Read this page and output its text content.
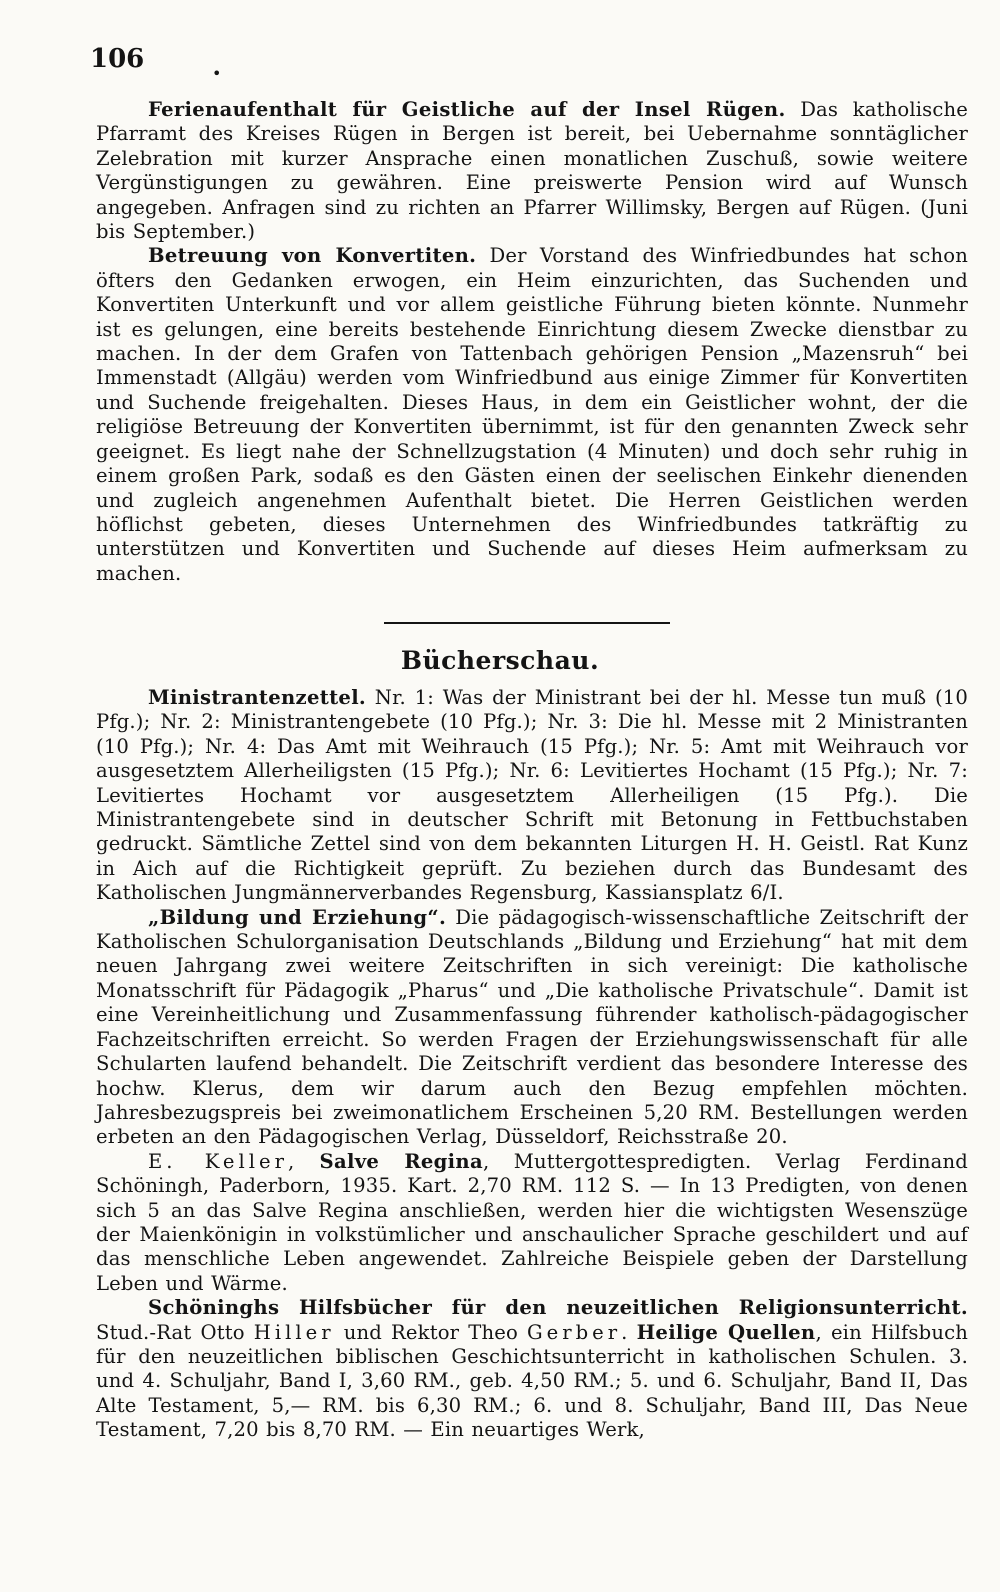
106	•

Ferienaufenthalt für Geistliche auf der Insel Rügen. Das katholische Pfarramt des Kreises Rügen in Bergen ist bereit, bei Uebernahme sonntäglicher Zelebration mit kurzer Ansprache einen monatlichen Zuschuß, sowie weitere Vergünstigungen zu gewähren. Eine preiswerte Pension wird auf Wunsch angegeben. Anfragen sind zu richten an Pfarrer Willimsky, Bergen auf Rügen. (Juni bis September.)

Betreuung von Konvertiten. Der Vorstand des Winfriedbundes hat schon öfters den Gedanken erwogen, ein Heim einzurichten, das Suchenden und Konvertiten Unterkunft und vor allem geistliche Führung bieten könnte. Nunmehr ist es gelungen, eine bereits bestehende Einrichtung diesem Zwecke dienstbar zu machen. In der dem Grafen von Tattenbach gehörigen Pension „Mazensruh“ bei Immenstadt (Allgäu) werden vom Winfriedbund aus einige Zimmer für Konvertiten und Suchende freigehalten. Dieses Haus, in dem ein Geistlicher wohnt, der die religiöse Betreuung der Konvertiten übernimmt, ist für den genannten Zweck sehr geeignet. Es liegt nahe der Schnellzugstation (4 Minuten) und doch sehr ruhig in einem großen Park, sodaß es den Gästen einen der seelischen Einkehr dienenden und zugleich angenehmen Aufenthalt bietet. Die Herren Geistlichen werden höflichst gebeten, dieses Unternehmen des Winfriedbundes tatkräftig zu unterstützen und Konvertiten und Suchende auf dieses Heim aufmerksam zu machen.

Bücherschau.

Ministrantenzettel. Nr. 1: Was der Ministrant bei der hl. Messe tun muß (10 Pfg.); Nr. 2: Ministrantengebete (10 Pfg.); Nr. 3: Die hl. Messe mit 2 Ministranten (10 Pfg.); Nr. 4: Das Amt mit Weihrauch (15 Pfg.); Nr. 5: Amt mit Weihrauch vor ausgesetztem Allerheiligsten (15 Pfg.); Nr. 6: Levitiertes Hochamt (15 Pfg.); Nr. 7: Levitiertes Hochamt vor ausgesetztem Allerheiligen (15 Pfg.). Die Ministrantengebete sind in deutscher Schrift mit Betonung in Fettbuchstaben gedruckt. Sämtliche Zettel sind von dem bekannten Liturgen H. H. Geistl. Rat Kunz in Aich auf die Richtigkeit geprüft. Zu beziehen durch das Bundesamt des Katholischen Jungmännerverbandes Regensburg, Kassiansplatz 6/I.

„Bildung und Erziehung“. Die pädagogisch-wissenschaftliche Zeitschrift der Katholischen Schulorganisation Deutschlands „Bildung und Erziehung“ hat mit dem neuen Jahrgang zwei weitere Zeitschriften in sich vereinigt: Die katholische Monatsschrift für Pädagogik „Pharus“ und „Die katholische Privatschule“. Damit ist eine Vereinheitlichung und Zusammenfassung führender katholisch-pädagogischer Fachzeitschriften erreicht. So werden Fragen der Erziehungswissenschaft für alle Schularten laufend behandelt. Die Zeitschrift verdient das besondere Interesse des hochw. Klerus, dem wir darum auch den Bezug empfehlen möchten. Jahresbezugspreis bei zweimonatlichem Erscheinen 5,20 RM. Bestellungen werden erbeten an den Pädagogischen Verlag, Düsseldorf, Reichsstraße 20.

E. Keller, Salve Regina, Muttergottespredigten. Verlag Ferdinand Schöningh, Paderborn, 1935. Kart. 2,70 RM. 112 S. — In 13 Predigten, von denen sich 5 an das Salve Regina anschließen, werden hier die wichtigsten Wesenszüge der Maienkönigin in volkstümlicher und anschaulicher Sprache geschildert und auf das menschliche Leben angewendet. Zahlreiche Beispiele geben der Darstellung Leben und Wärme.

Schöninghs Hilfsbücher für den neuzeitlichen Religionsunterricht. Stud.-Rat Otto Hiller und Rektor Theo Gerber. Heilige Quellen, ein Hilfsbuch für den neuzeitlichen biblischen Geschichtsunterricht in katholischen Schulen. 3. und 4. Schuljahr, Band I, 3,60 RM., geb. 4,50 RM.; 5. und 6. Schuljahr, Band II, Das Alte Testament, 5,— RM. bis 6,30 RM.; 6. und 8. Schuljahr, Band III, Das Neue Testament, 7,20 bis 8,70 RM. — Ein neuartiges Werk,
